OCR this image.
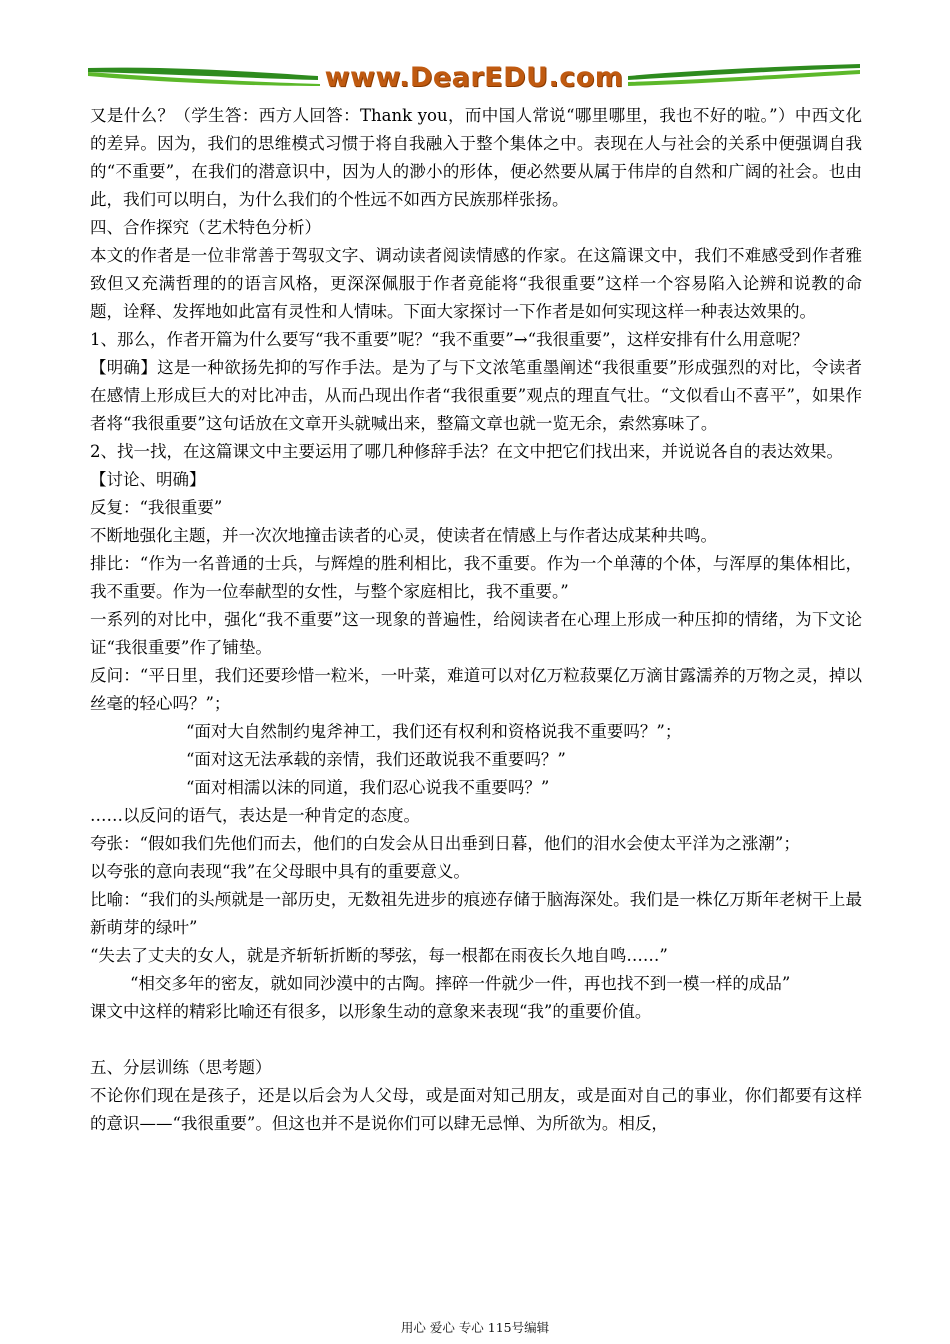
www.DearEDU.com

又是什么？（学生答：西方人回答：Thank you，而中国人常说“哪里哪里，我也不好的啦。”）中西文化的差异。因为，我们的思维模式习惯于将自我融入于整个集体之中。表现在人与社会的关系中便强调自我的“不重要”，在我们的潜意识中，因为人的渺小的形体，便必然要从属于伟岸的自然和广阔的社会。也由此，我们可以明白，为什么我们的个性远不如西方民族那样张扬。

四、合作探究（艺术特色分析）

本文的作者是一位非常善于驾驭文字、调动读者阅读情感的作家。在这篇课文中，我们不难感受到作者雅致但又充满哲理的的语言风格，更深深佩服于作者竟能将“我很重要”这样一个容易陷入论辨和说教的命题，诠释、发挥地如此富有灵性和人情味。下面大家探讨一下作者是如何实现这样一种表达效果的。

1、那么，作者开篇为什么要写“我不重要”呢？“我不重要”→“我很重要”，这样安排有什么用意呢？

【明确】这是一种欲扬先抑的写作手法。是为了与下文浓笔重墨阐述“我很重要”形成强烈的对比，令读者在感情上形成巨大的对比冲击，从而凸现出作者“我很重要”观点的理直气壮。“文似看山不喜平”，如果作者将“我很重要”这句话放在文章开头就喊出来，整篇文章也就一览无余，索然寡味了。

2、找一找，在这篇课文中主要运用了哪几种修辞手法？在文中把它们找出来，并说说各自的表达效果。

【讨论、明确】

反复：“我很重要”

不断地强化主题，并一次次地撞击读者的心灵，使读者在情感上与作者达成某种共鸣。

排比：“作为一名普通的士兵，与辉煌的胜利相比，我不重要。作为一个单薄的个体，与浑厚的集体相比，我不重要。作为一位奉献型的女性，与整个家庭相比，我不重要。”

一系列的对比中，强化“我不重要”这一现象的普遍性，给阅读者在心理上形成一种压抑的情绪，为下文论证“我很重要”作了铺垫。

反问：“平日里，我们还要珍惜一粒米，一叶菜，难道可以对亿万粒菽粟亿万滴甘露濡养的万物之灵，掉以丝毫的轻心吗？”；

“面对大自然制约鬼斧神工，我们还有权利和资格说我不重要吗？”；

“面对这无法承载的亲情，我们还敢说我不重要吗？”

“面对相濡以沫的同道，我们忍心说我不重要吗？”

……以反问的语气，表达是一种肯定的态度。

夸张：“假如我们先他们而去，他们的白发会从日出垂到日暮，他们的泪水会使太平洋为之涨潮”；

以夸张的意向表现“我”在父母眼中具有的重要意义。

比喻：“我们的头颅就是一部历史，无数祖先进步的痕迹存储于脑海深处。我们是一株亿万斯年老树干上最新萌芽的绿叶”

“失去了丈夫的女人，就是齐斩斩折断的琴弦，每一根都在雨夜长久地自鸣……”

“相交多年的密友，就如同沙漠中的古陶。摔碎一件就少一件，再也找不到一模一样的成品”

课文中这样的精彩比喻还有很多，以形象生动的意象来表现“我”的重要价值。

五、分层训练（思考题）

不论你们现在是孩子，还是以后会为人父母，或是面对知己朋友，或是面对自己的事业，你们都要有这样的意识——“我很重要”。但这也并不是说你们可以肆无忌惮、为所欲为。相反，

用心 爱心 专心 115号编辑
